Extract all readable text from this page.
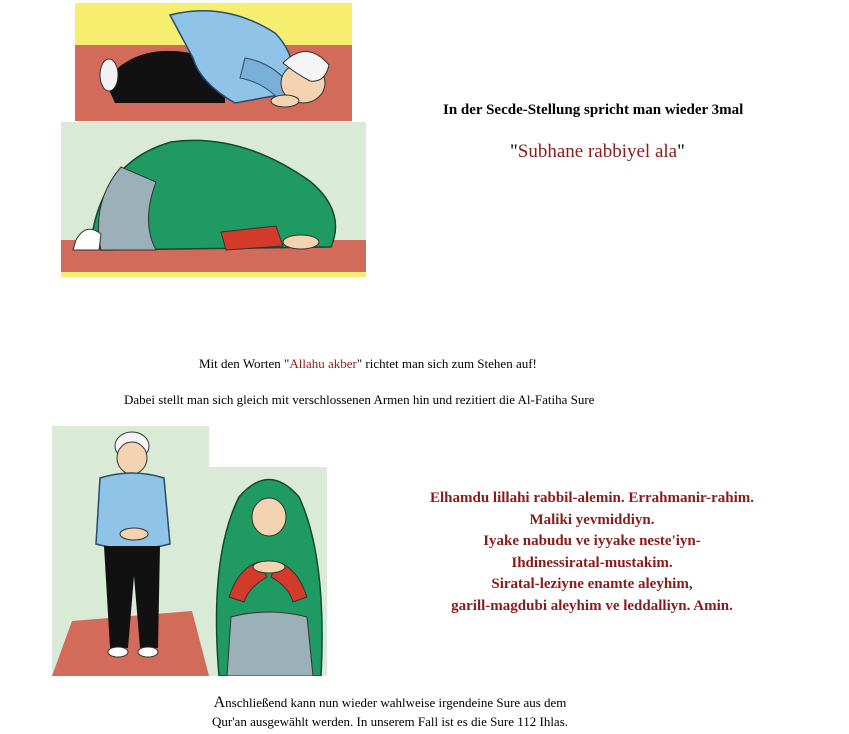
In der Secde-Stellung spricht man wieder 3mal
"Subhane rabbiyel ala"
Mit den Worten "Allahu akber" richtet man sich zum Stehen auf!
Dabei stellt man sich gleich mit verschlossenen Armen hin und rezitiert die Al-Fatiha Sure
Elhamdu lillahi rabbil-alemin. Errahmanir-rahim.
Maliki yevmiddiyn.
Iyake nabudu ve iyyake neste'iyn-
Ihdinessiratal-mustakim.
Siratal-leziyne enamte aleyhim,
garill-magdubi aleyhim ve leddalliyn. Amin.
Anschließend kann nun wieder wahlweise irgendeine Sure aus dem
Qur'an ausgewählt werden. In unserem Fall ist es die Sure 112 Ihlas.
